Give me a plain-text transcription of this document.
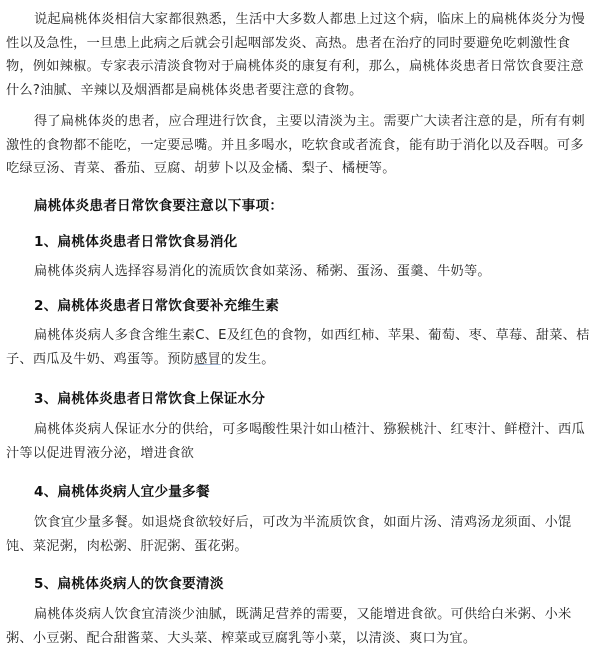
说起扁桃体炎相信大家都很熟悉，生活中大多数人都患上过这个病，临床上的扁桃体炎分为慢性以及急性，一旦患上此病之后就会引起咽部发炎、高热。患者在治疗的同时要避免吃刺激性食物，例如辣椒。专家表示清淡食物对于扁桃体炎的康复有利，那么，扁桃体炎患者日常饮食要注意什么?油腻、辛辣以及烟酒都是扁桃体炎患者要注意的食物。

得了扁桃体炎的患者，应合理进行饮食，主要以清淡为主。需要广大读者注意的是，所有有刺激性的食物都不能吃，一定要忌嘴。并且多喝水，吃软食或者流食，能有助于消化以及吞咽。可多吃绿豆汤、青菜、番茄、豆腐、胡萝卜以及金橘、梨子、橘梗等。

扁桃体炎患者日常饮食要注意以下事项：

1、扁桃体炎患者日常饮食易消化

扁桃体炎病人选择容易消化的流质饮食如菜汤、稀粥、蛋汤、蛋羹、牛奶等。

2、扁桃体炎患者日常饮食要补充维生素

扁桃体炎病人多食含维生素C、E及红色的食物，如西红柿、苹果、葡萄、枣、草莓、甜菜、桔子、西瓜及牛奶、鸡蛋等。预防感冒的发生。

3、扁桃体炎患者日常饮食上保证水分

扁桃体炎病人保证水分的供给，可多喝酸性果汁如山楂汁、猕猴桃汁、红枣汁、鲜橙汁、西瓜汁等以促进胃液分泌，增进食欲

4、扁桃体炎病人宜少量多餐

饮食宜少量多餐。如退烧食欲较好后，可改为半流质饮食，如面片汤、清鸡汤龙须面、小馄饨、菜泥粥，肉松粥、肝泥粥、蛋花粥。

5、扁桃体炎病人的饮食要清淡

扁桃体炎病人饮食宜清淡少油腻，既满足营养的需要，又能增进食欲。可供给白米粥、小米粥、小豆粥、配合甜酱菜、大头菜、榨菜或豆腐乳等小菜，以清淡、爽口为宜。
